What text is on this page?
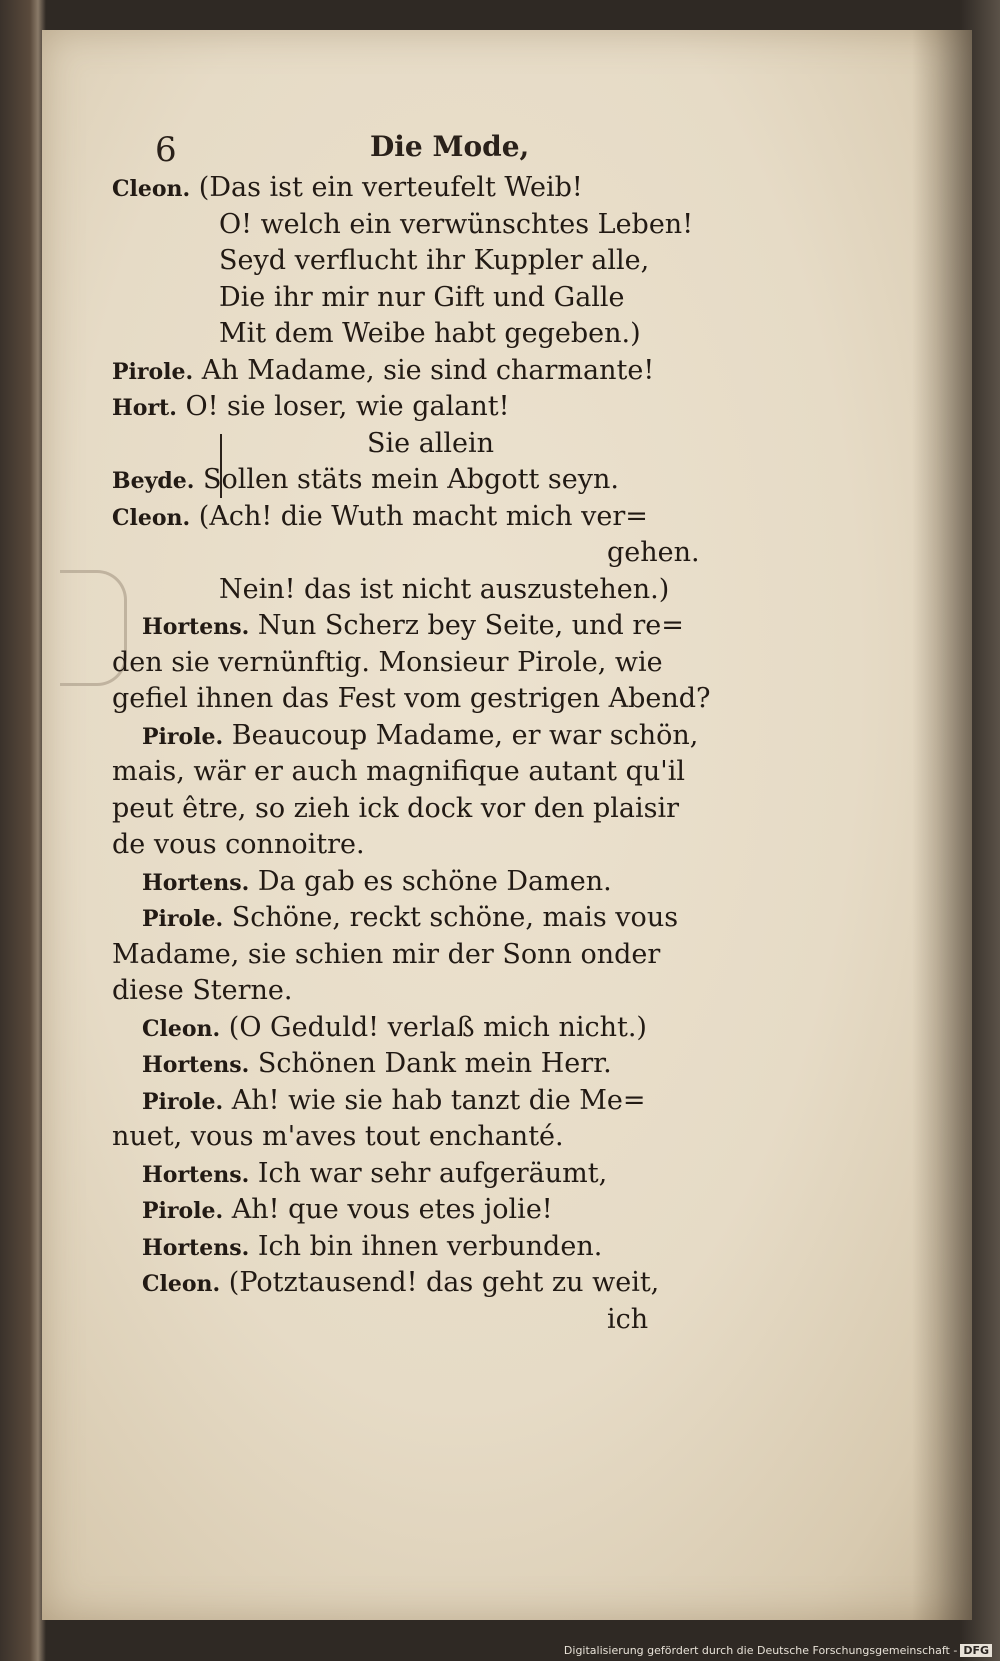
6	Die Mode,
Cleon. (Das ist ein verteufelt Weib!
O! welch ein verwünschtes Leben!
Seyd verflucht ihr Kuppler alle,
Die ihr mir nur Gift und Galle
Mit dem Weibe habt gegeben.)
Pirole. Ah Madame, sie sind charmante!
Hort. O! sie loser, wie galant!
Sie allein
Beyde. Sollen stäts mein Abgott seyn.
Cleon. (Ach! die Wuth macht mich ver=
gehen.
Nein! das ist nicht auszustehen.)
Hortens. Nun Scherz bey Seite, und re=
den sie vernünftig. Monsieur Pirole, wie
gefiel ihnen das Fest vom gestrigen Abend?
Pirole. Beaucoup Madame, er war schön,
mais, wär er auch magnifique autant qu'il
peut être, so zieh ick dock vor den plaisir
de vous connoitre.
Hortens. Da gab es schöne Damen.
Pirole. Schöne, reckt schöne, mais vous
Madame, sie schien mir der Sonn onder
diese Sterne.
Cleon. (O Geduld! verlaß mich nicht.)
Hortens. Schönen Dank mein Herr.
Pirole. Ah! wie sie hab tanzt die Me=
nuet, vous m'aves tout enchanté.
Hortens. Ich war sehr aufgeräumt,
Pirole. Ah! que vous etes jolie!
Hortens. Ich bin ihnen verbunden.
Cleon. (Potztausend! das geht zu weit,
ich
Digitalisierung gefördert durch die Deutsche Forschungsgemeinschaft - DFG
